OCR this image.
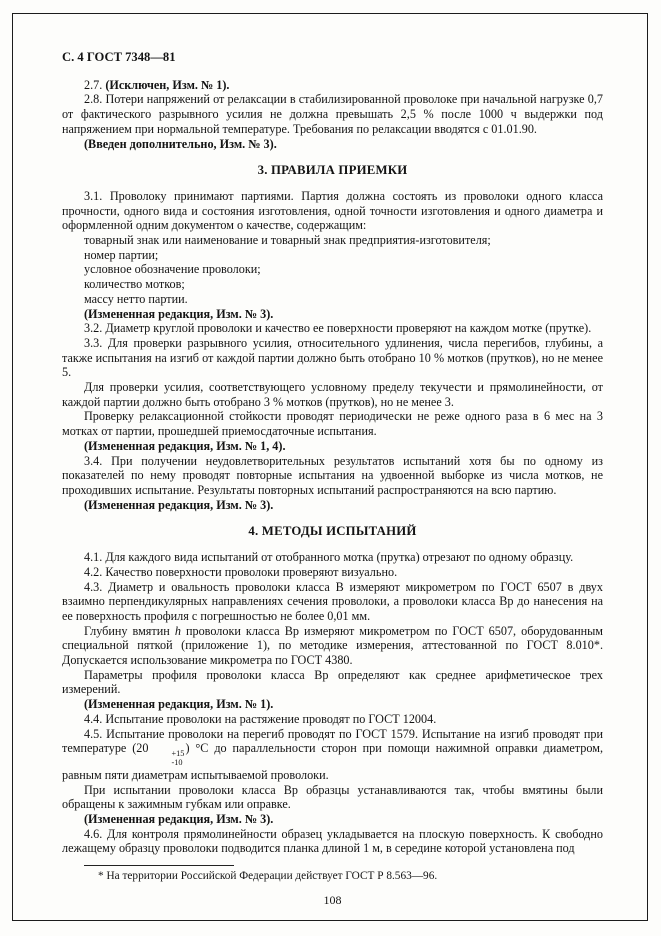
С. 4 ГОСТ 7348—81

2.7. (Исключен, Изм. № 1).

2.8. Потери напряжений от релаксации в стабилизированной проволоке при начальной нагрузке 0,7 от фактического разрывного усилия не должна превышать 2,5 % после 1000 ч выдержки под напряжением при нормальной температуре. Требования по релаксации вводятся с 01.01.90.

(Введен дополнительно, Изм. № 3).

3. ПРАВИЛА ПРИЕМКИ

3.1. Проволоку принимают партиями. Партия должна состоять из проволоки одного класса прочности, одного вида и состояния изготовления, одной точности изготовления и одного диаметра и оформленной одним документом о качестве, содержащим:

товарный знак или наименование и товарный знак предприятия-изготовителя;

номер партии;

условное обозначение проволоки;

количество мотков;

массу нетто партии.

(Измененная редакция, Изм. № 3).

3.2. Диаметр круглой проволоки и качество ее поверхности проверяют на каждом мотке (прутке).

3.3. Для проверки разрывного усилия, относительного удлинения, числа перегибов, глубины, а также испытания на изгиб от каждой партии должно быть отобрано 10 % мотков (прутков), но не менее 5.

Для проверки усилия, соответствующего условному пределу текучести и прямолинейности, от каждой партии должно быть отобрано 3 % мотков (прутков), но не менее 3.

Проверку релаксационной стойкости проводят периодически не реже одного раза в 6 мес на 3 мотках от партии, прошедшей приемосдаточные испытания.

(Измененная редакция, Изм. № 1, 4).

3.4. При получении неудовлетворительных результатов испытаний хотя бы по одному из показателей по нему проводят повторные испытания на удвоенной выборке из числа мотков, не проходивших испытание. Результаты повторных испытаний распространяются на всю партию.

(Измененная редакция, Изм. № 3).

4. МЕТОДЫ ИСПЫТАНИЙ

4.1. Для каждого вида испытаний от отобранного мотка (прутка) отрезают по одному образцу.

4.2. Качество поверхности проволоки проверяют визуально.

4.3. Диаметр и овальность проволоки класса В измеряют микрометром по ГОСТ 6507 в двух взаимно перпендикулярных направлениях сечения проволоки, а проволоки класса Вр до нанесения на ее поверхность профиля с погрешностью не более 0,01 мм.

Глубину вмятин h проволоки класса Вр измеряют микрометром по ГОСТ 6507, оборудованным специальной пяткой (приложение 1), по методике измерения, аттестованной по ГОСТ 8.010*. Допускается использование микрометра по ГОСТ 4380.

Параметры профиля проволоки класса Вр определяют как среднее арифметическое трех измерений.

(Измененная редакция, Изм. № 1).

4.4. Испытание проволоки на растяжение проводят по ГОСТ 12004.

4.5. Испытание проволоки на перегиб проводят по ГОСТ 1579. Испытание на изгиб проводят при температуре (20	+15
-10
) °С до параллельности сторон при помощи нажимной оправки диаметром, равным пяти диаметрам испытываемой проволоки.

При испытании проволоки класса Вр образцы устанавливаются так, чтобы вмятины были обращены к зажимным губкам или оправке.

(Измененная редакция, Изм. № 3).

4.6. Для контроля прямолинейности образец укладывается на плоскую поверхность. К свободно лежащему образцу проволоки подводится планка длиной 1 м, в середине которой установлена под

* На территории Российской Федерации действует ГОСТ Р 8.563—96.

108
